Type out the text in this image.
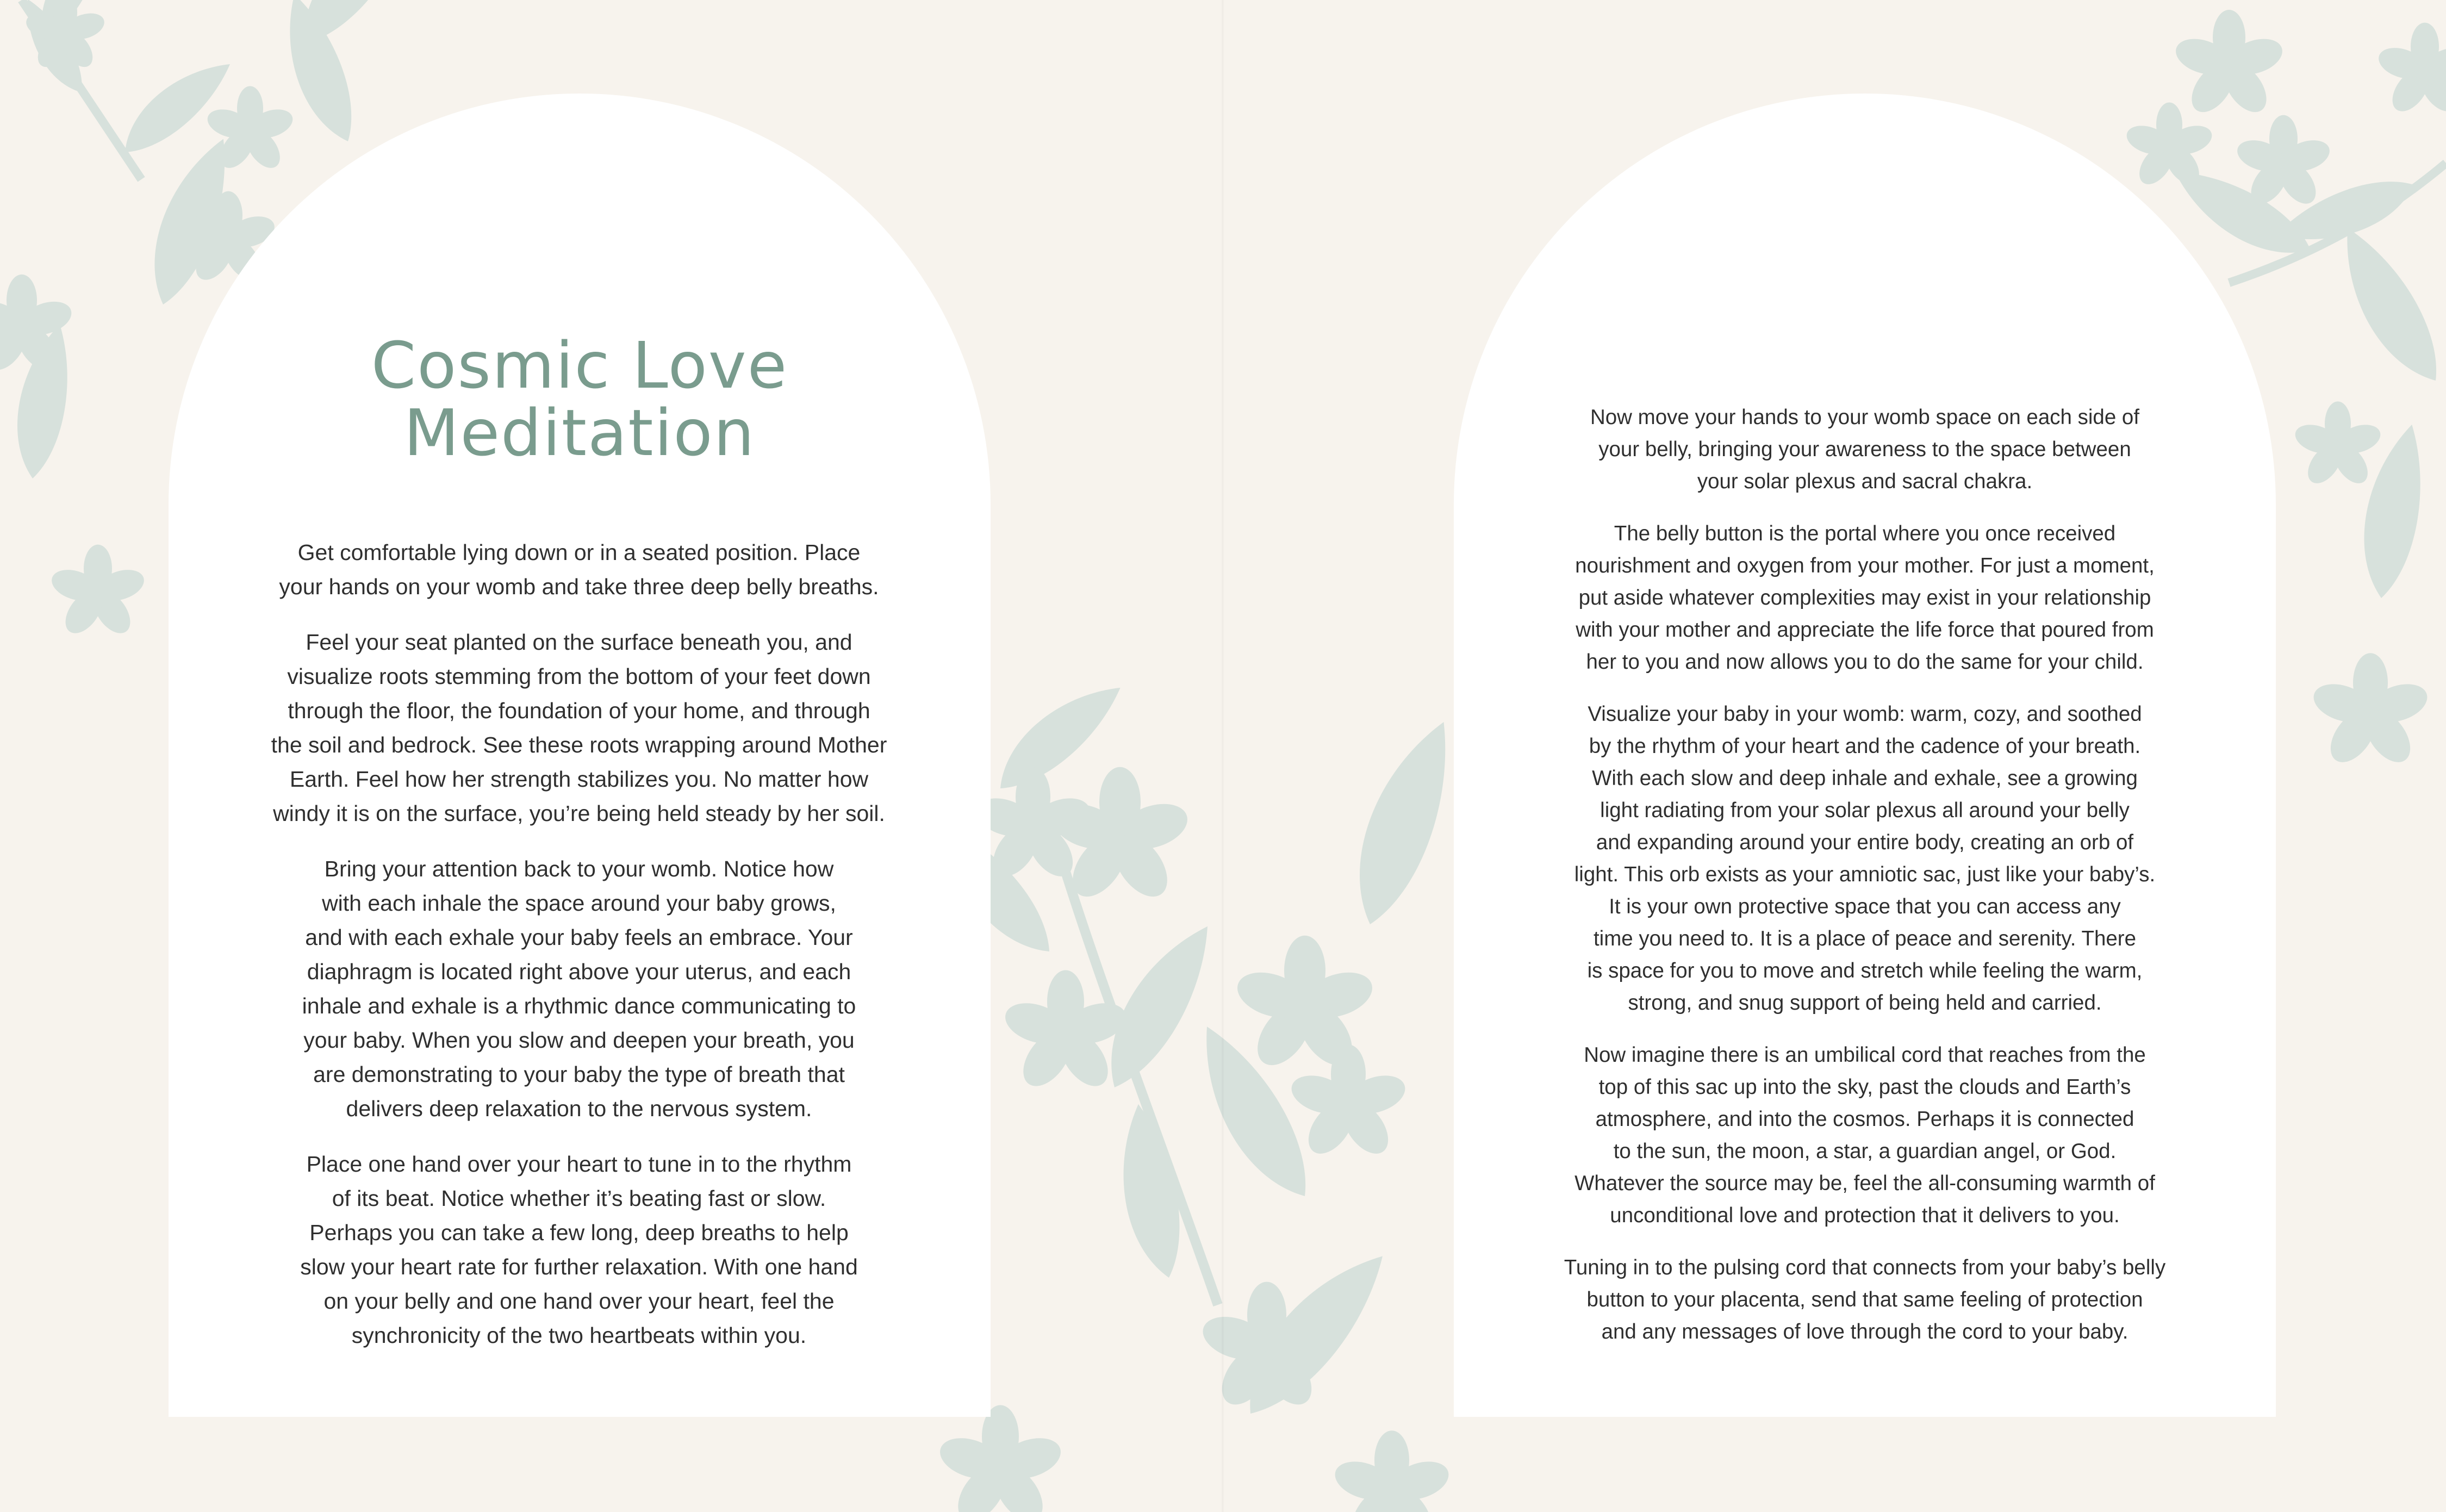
Cosmic Love
Meditation

Get comfortable lying down or in a seated position. Place
your hands on your womb and take three deep belly breaths.

Feel your seat planted on the surface beneath you, and
visualize roots stemming from the bottom of your feet down
through the floor, the foundation of your home, and through
the soil and bedrock. See these roots wrapping around Mother
Earth. Feel how her strength stabilizes you. No matter how
windy it is on the surface, you’re being held steady by her soil.

Bring your attention back to your womb. Notice how
with each inhale the space around your baby grows,
and with each exhale your baby feels an embrace. Your
diaphragm is located right above your uterus, and each
inhale and exhale is a rhythmic dance communicating to
your baby. When you slow and deepen your breath, you
are demonstrating to your baby the type of breath that
delivers deep relaxation to the nervous system.

Place one hand over your heart to tune in to the rhythm
of its beat. Notice whether it’s beating fast or slow.
Perhaps you can take a few long, deep breaths to help
slow your heart rate for further relaxation. With one hand
on your belly and one hand over your heart, feel the
synchronicity of the two heartbeats within you.

Now move your hands to your womb space on each side of
your belly, bringing your awareness to the space between
your solar plexus and sacral chakra.

The belly button is the portal where you once received
nourishment and oxygen from your mother. For just a moment,
put aside whatever complexities may exist in your relationship
with your mother and appreciate the life force that poured from
her to you and now allows you to do the same for your child.

Visualize your baby in your womb: warm, cozy, and soothed
by the rhythm of your heart and the cadence of your breath.
With each slow and deep inhale and exhale, see a growing
light radiating from your solar plexus all around your belly
and expanding around your entire body, creating an orb of
light. This orb exists as your amniotic sac, just like your baby’s.
It is your own protective space that you can access any
time you need to. It is a place of peace and serenity. There
is space for you to move and stretch while feeling the warm,
strong, and snug support of being held and carried.

Now imagine there is an umbilical cord that reaches from the
top of this sac up into the sky, past the clouds and Earth’s
atmosphere, and into the cosmos. Perhaps it is connected
to the sun, the moon, a star, a guardian angel, or God.
Whatever the source may be, feel the all-consuming warmth of
unconditional love and protection that it delivers to you.

Tuning in to the pulsing cord that connects from your baby’s belly
button to your placenta, send that same feeling of protection
and any messages of love through the cord to your baby.
